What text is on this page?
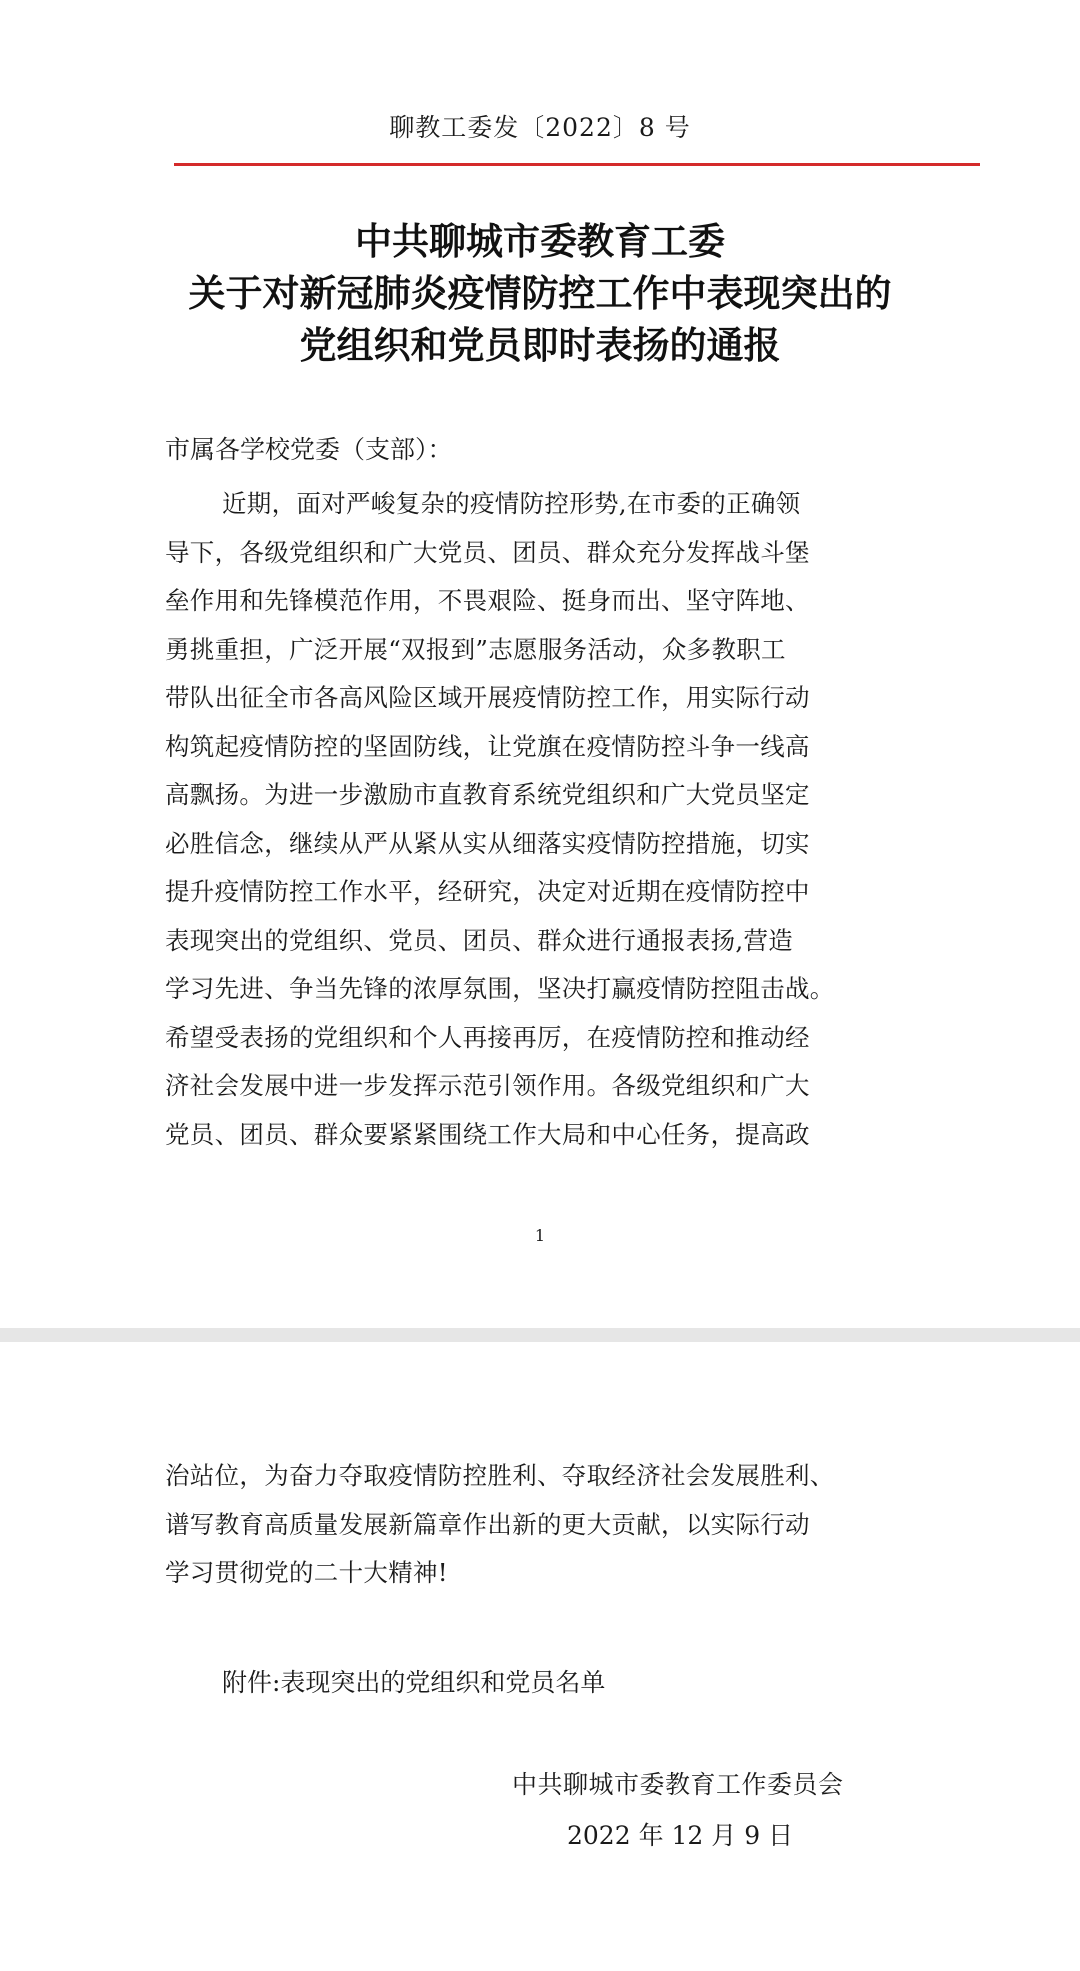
聊教工委发〔2022〕8 号
中共聊城市委教育工委
关于对新冠肺炎疫情防控工作中表现突出的
党组织和党员即时表扬的通报
市属各学校党委（支部）：
近期，面对严峻复杂的疫情防控形势,在市委的正确领
导下，各级党组织和广大党员、团员、群众充分发挥战斗堡
垒作用和先锋模范作用，不畏艰险、挺身而出、坚守阵地、
勇挑重担，广泛开展“双报到”志愿服务活动，众多教职工
带队出征全市各高风险区域开展疫情防控工作，用实际行动
构筑起疫情防控的坚固防线，让党旗在疫情防控斗争一线高
高飘扬。为进一步激励市直教育系统党组织和广大党员坚定
必胜信念，继续从严从紧从实从细落实疫情防控措施，切实
提升疫情防控工作水平，经研究，决定对近期在疫情防控中
表现突出的党组织、党员、团员、群众进行通报表扬,营造
学习先进、争当先锋的浓厚氛围，坚决打赢疫情防控阻击战。
希望受表扬的党组织和个人再接再厉，在疫情防控和推动经
济社会发展中进一步发挥示范引领作用。各级党组织和广大
党员、团员、群众要紧紧围绕工作大局和中心任务，提高政
1
治站位，为奋力夺取疫情防控胜利、夺取经济社会发展胜利、
谱写教育高质量发展新篇章作出新的更大贡献，以实际行动
学习贯彻党的二十大精神!
附件:表现突出的党组织和党员名单
中共聊城市委教育工作委员会
2022 年 12 月 9 日
